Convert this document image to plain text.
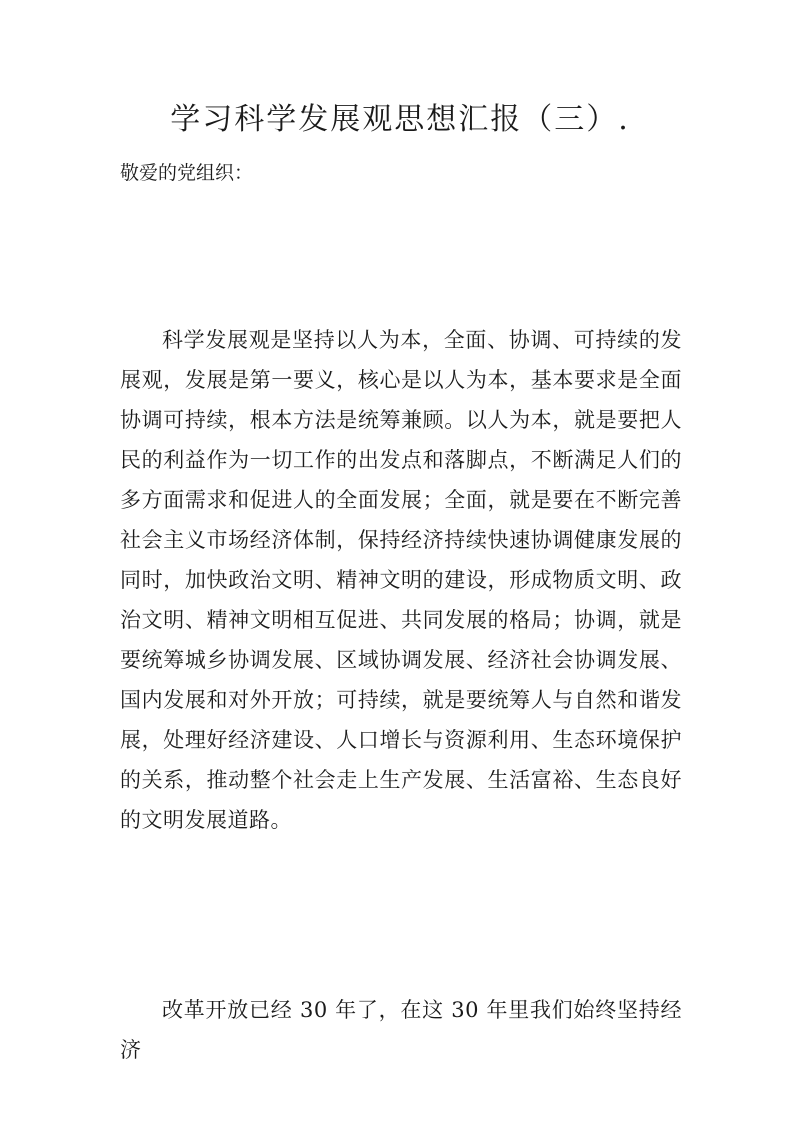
学习科学发展观思想汇报（三）.

敬爱的党组织：

科学发展观是坚持以人为本，全面、协调、可持续的发展观，发展是第一要义，核心是以人为本，基本要求是全面协调可持续，根本方法是统筹兼顾。以人为本，就是要把人民的利益作为一切工作的出发点和落脚点，不断满足人们的多方面需求和促进人的全面发展；全面，就是要在不断完善社会主义市场经济体制，保持经济持续快速协调健康发展的同时，加快政治文明、精神文明的建设，形成物质文明、政治文明、精神文明相互促进、共同发展的格局；协调，就是要统筹城乡协调发展、区域协调发展、经济社会协调发展、国内发展和对外开放；可持续，就是要统筹人与自然和谐发展，处理好经济建设、人口增长与资源利用、生态环境保护的关系，推动整个社会走上生产发展、生活富裕、生态良好的文明发展道路。

改革开放已经 30 年了，在这 30 年里我们始终坚持经济
